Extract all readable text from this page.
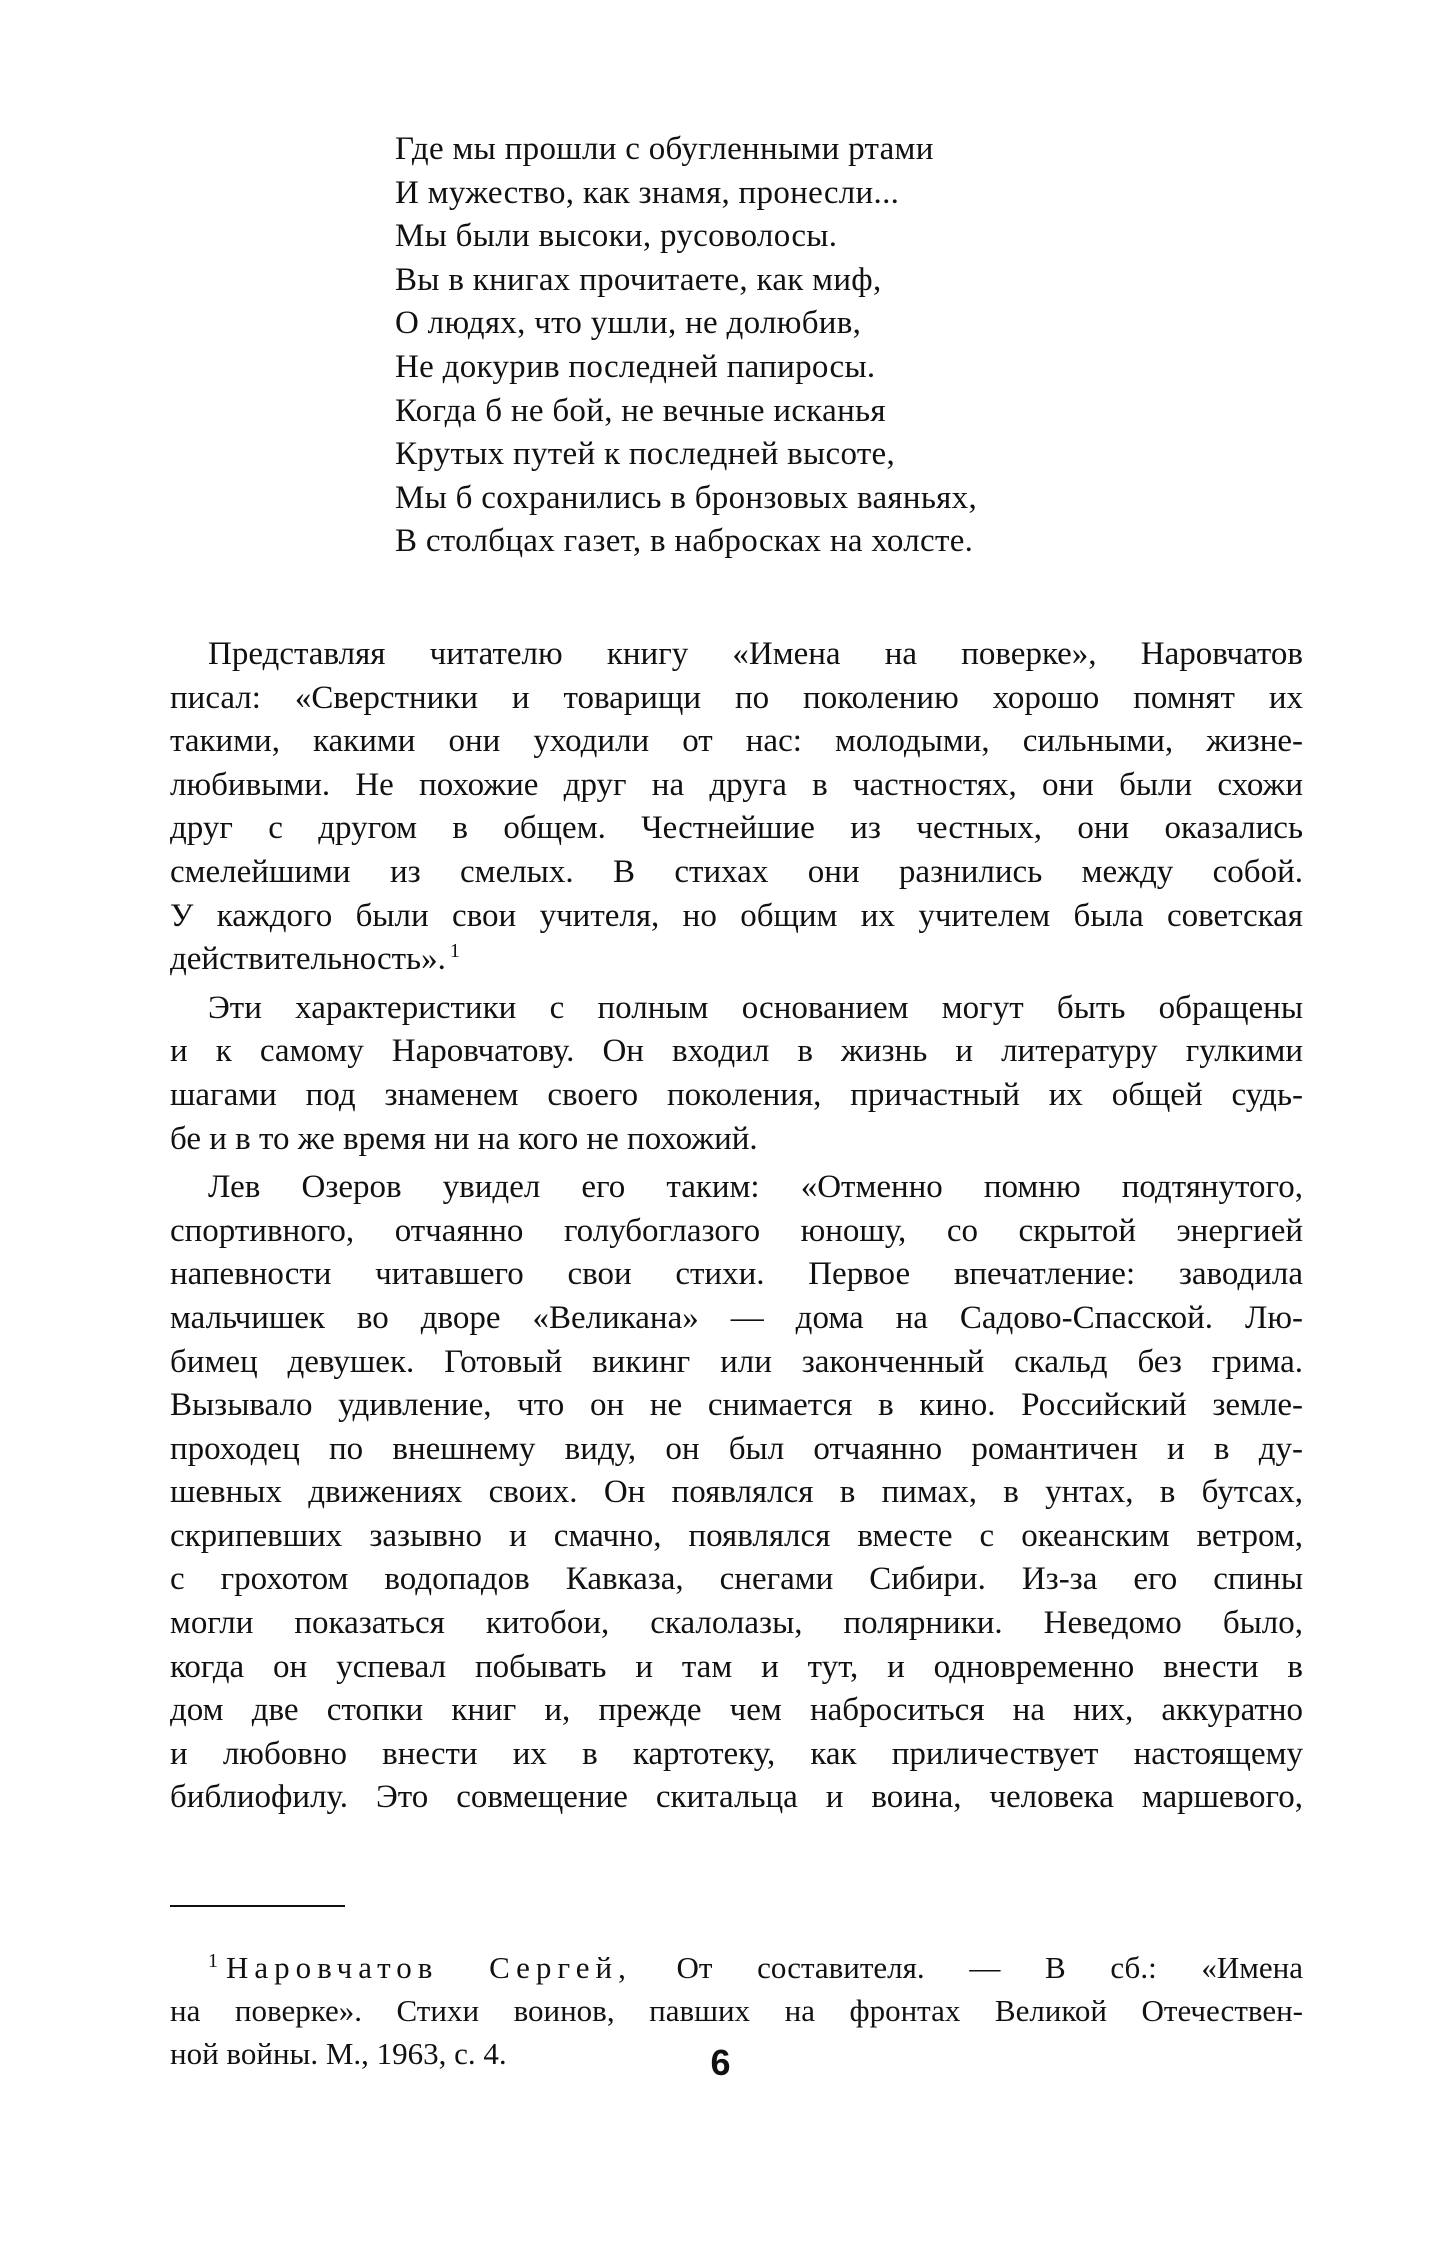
Где мы прошли с обугленными ртами
И мужество, как знамя, пронесли...
Мы были высоки, русоволосы.
Вы в книгах прочитаете, как миф,
О людях, что ушли, не долюбив,
Не докурив последней папиросы.
Когда б не бой, не вечные исканья
Крутых путей к последней высоте,
Мы б сохранились в бронзовых ваяньях,
В столбцах газет, в набросках на холсте.
Представляя читателю книгу «Имена на поверке», Наровчатов
писал: «Сверстники и товарищи по поколению хорошо помнят их
такими, какими они уходили от нас: молодыми, сильными, жизне-
любивыми. Не похожие друг на друга в частностях, они были схожи
друг с другом в общем. Честнейшие из честных, они оказались
смелейшими из смелых. В стихах они разнились между собой.
У каждого были свои учителя, но общим их учителем была советская
действительность». $^1$
Эти характеристики с полным основанием могут быть обращены
и к самому Наровчатову. Он входил в жизнь и литературу гулкими
шагами под знаменем своего поколения, причастный их общей судь-
бе и в то же время ни на кого не похожий.
Лев Озеров увидел его таким: «Отменно помню подтянутого,
спортивного, отчаянно голубоглазого юношу, со скрытой энергией
напевности читавшего свои стихи. Первое впечатление: заводила
мальчишек во дворе «Великана» — дома на Садово-Спасской. Лю-
бимец девушек. Готовый викинг или законченный скальд без грима.
Вызывало удивление, что он не снимается в кино. Российский земле-
проходец по внешнему виду, он был отчаянно романтичен и в ду-
шевных движениях своих. Он появлялся в пимах, в унтах, в бутсах,
скрипевших зазывно и смачно, появлялся вместе с океанским ветром,
с грохотом водопадов Кавказа, снегами Сибири. Из-за его спины
могли показаться китобои, скалолазы, полярники. Неведомо было,
когда он успевал побывать и там и тут, и одновременно внести в
дом две стопки книг и, прежде чем наброситься на них, аккуратно
и любовно внести их в картотеку, как приличествует настоящему
библиофилу. Это совмещение скитальца и воина, человека маршевого,
$^1$ Наровчатов Сергей, От составителя. — В сб.: «Имена
на поверке». Стихи воинов, павших на фронтах Великой Отечествен-
ной войны. М., 1963, с. 4.	6
